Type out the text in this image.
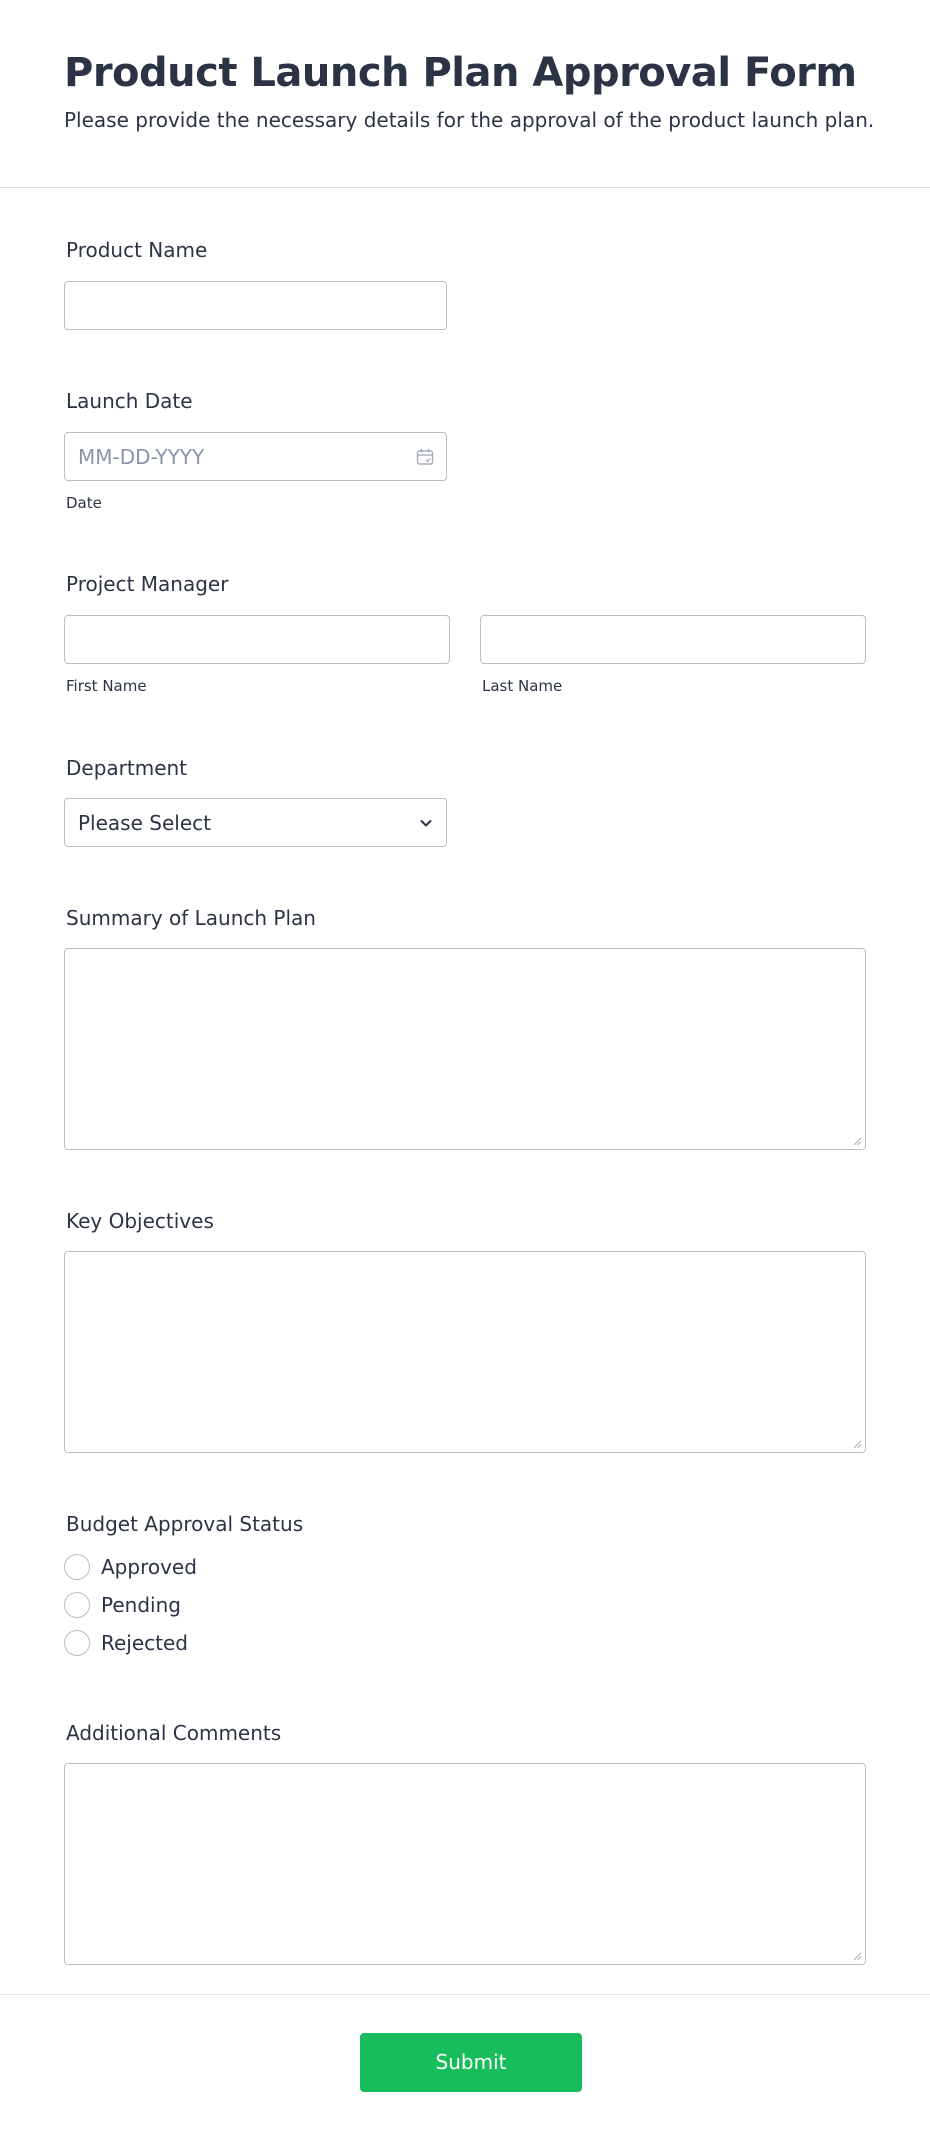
Product Launch Plan Approval Form
Please provide the necessary details for the approval of the product launch plan.
Product Name
Launch Date
MM-DD-YYYY
Date
Project Manager
First Name	Last Name
Department
Please Select
Summary of Launch Plan
Key Objectives
Budget Approval Status
Approved
Pending
Rejected
Additional Comments
Submit
